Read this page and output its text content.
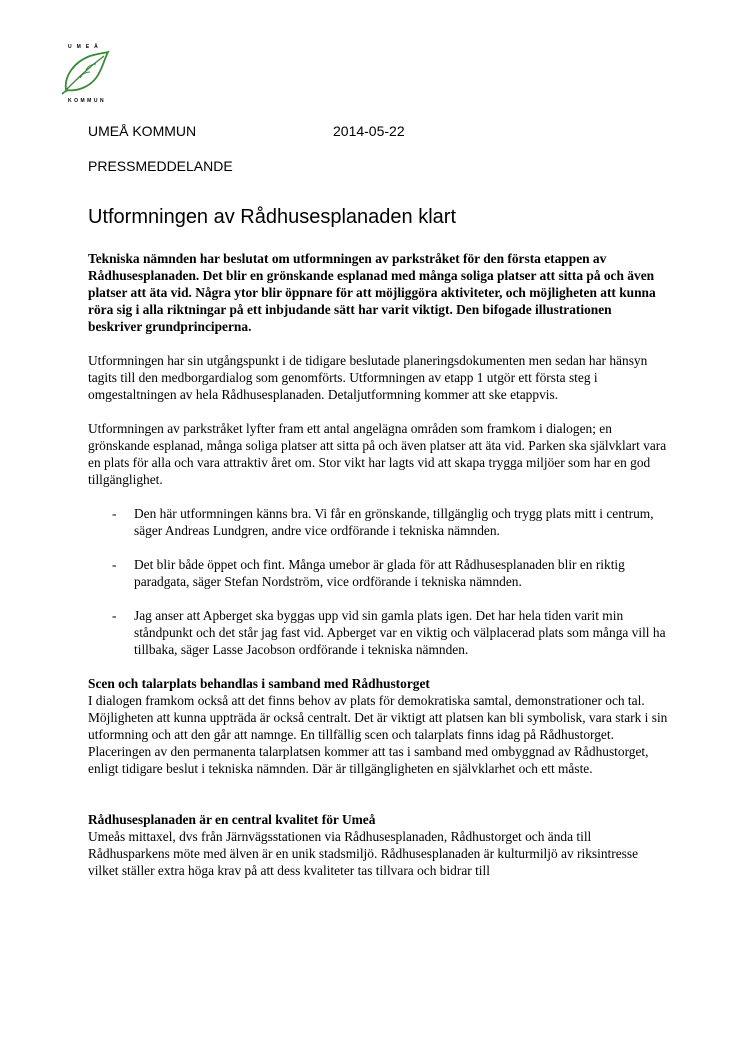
UMEÅ
KOMMUN
UMEÅ KOMMUN	2014-05-22
PRESSMEDDELANDE
Utformningen av Rådhusesplanaden klart

Tekniska nämnden har beslutat om utformningen av parkstråket för den första etappen av Rådhusesplanaden. Det blir en grönskande esplanad med många soliga platser att sitta på och även platser att äta vid. Några ytor blir öppnare för att möjliggöra aktiviteter, och möjligheten att kunna röra sig i alla riktningar på ett inbjudande sätt har varit viktigt. Den bifogade illustrationen beskriver grundprinciperna.

Utformningen har sin utgångspunkt i de tidigare beslutade planeringsdokumenten men sedan har hänsyn tagits till den medborgardialog som genomförts. Utformningen av etapp 1 utgör ett första steg i omgestaltningen av hela Rådhusesplanaden. Detaljutformning kommer att ske etappvis.

Utformningen av parkstråket lyfter fram ett antal angelägna områden som framkom i dialogen; en grönskande esplanad, många soliga platser att sitta på och även platser att äta vid. Parken ska självklart vara en plats för alla och vara attraktiv året om. Stor vikt har lagts vid att skapa trygga miljöer som har en god tillgänglighet.

- Den här utformningen känns bra. Vi får en grönskande, tillgänglig och trygg plats mitt i centrum, säger Andreas Lundgren, andre vice ordförande i tekniska nämnden.
- Det blir både öppet och fint. Många umebor är glada för att Rådhusesplanaden blir en riktig paradgata, säger Stefan Nordström, vice ordförande i tekniska nämnden.
- Jag anser att Apberget ska byggas upp vid sin gamla plats igen. Det har hela tiden varit min ståndpunkt och det står jag fast vid. Apberget var en viktig och välplacerad plats som många vill ha tillbaka, säger Lasse Jacobson ordförande i tekniska nämnden.

Scen och talarplats behandlas i samband med Rådhustorget

I dialogen framkom också att det finns behov av plats för demokratiska samtal, demonstrationer och tal. Möjligheten att kunna uppträda är också centralt. Det är viktigt att platsen kan bli symbolisk, vara stark i sin utformning och att den går att namnge. En tillfällig scen och talarplats finns idag på Rådhustorget. Placeringen av den permanenta talarplatsen kommer att tas i samband med ombyggnad av Rådhustorget, enligt tidigare beslut i tekniska nämnden. Där är tillgängligheten en självklarhet och ett måste.

Rådhusesplanaden är en central kvalitet för Umeå

Umeås mittaxel, dvs från Järnvägsstationen via Rådhusesplanaden, Rådhustorget och ända till Rådhusparkens möte med älven är en unik stadsmiljö. Rådhusesplanaden är kulturmiljö av riksintresse vilket ställer extra höga krav på att dess kvaliteter tas tillvara och bidrar till
